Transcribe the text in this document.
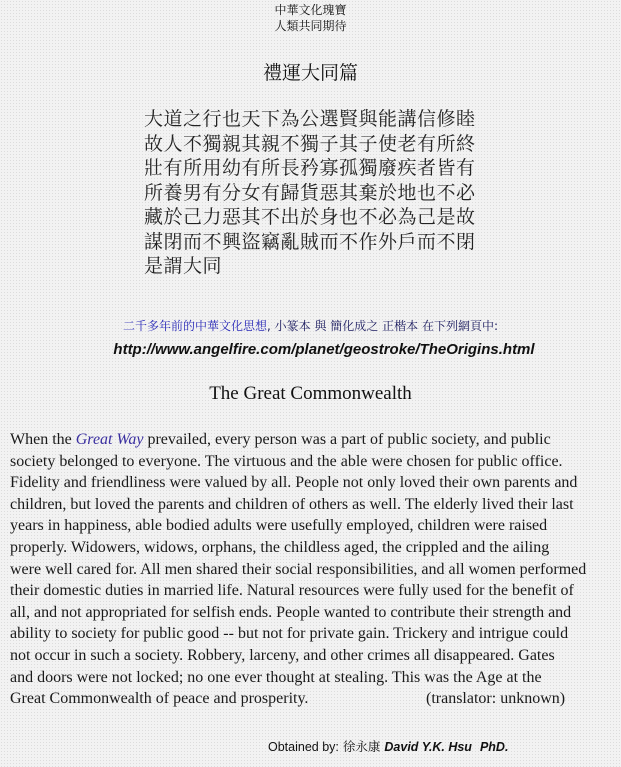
中華文化瑰寶
人類共同期待
禮運大同篇
大道之行也天下為公選賢與能講信修睦
故人不獨親其親不獨子其子使老有所終
壯有所用幼有所長矜寡孤獨廢疾者皆有
所養男有分女有歸貨惡其棄於地也不必
藏於己力惡其不出於身也不必為己是故
謀閉而不興盜竊亂賊而不作外戶而不閉
是謂大同
二千多年前的中華文化思想, 小篆本 與 簡化成之 正楷本 在下列網頁中:
http://www.angelfire.com/planet/geostroke/TheOrigins.html
The Great Commonwealth
When the Great Way prevailed, every person was a part of public society, and public
society belonged to everyone. The virtuous and the able were chosen for public office.
Fidelity and friendliness were valued by all. People not only loved their own parents and
children, but loved the parents and children of others as well. The elderly lived their last
years in happiness, able bodied adults were usefully employed, children were raised
properly. Widowers, widows, orphans, the childless aged, the crippled and the ailing
were well cared for. All men shared their social responsibilities, and all women performed
their domestic duties in married life. Natural resources were fully used for the benefit of
all, and not appropriated for selfish ends. People wanted to contribute their strength and
ability to society for public good -- but not for private gain. Trickery and intrigue could
not occur in such a society. Robbery, larceny, and other crimes all disappeared. Gates
and doors were not locked; no one ever thought at stealing. This was the Age at the
Great Commonwealth of peace and prosperity.	(translator: unknown)
Obtained by: 徐永康 David Y.K. Hsu PhD.
